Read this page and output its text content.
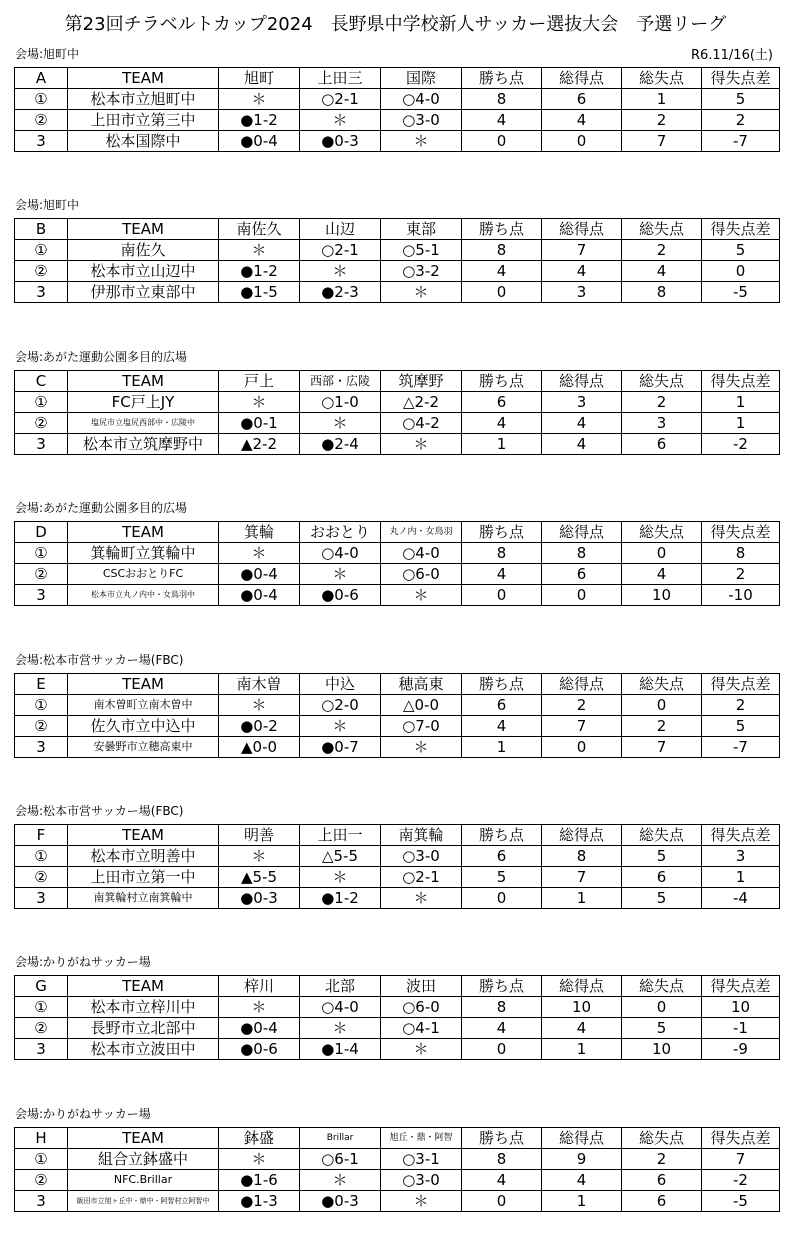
第23回チラベルトカップ2024　長野県中学校新人サッカー選抜大会　予選リーグ
R6.11/16(土)
会場:旭町中
A	TEAM	旭町	上田三	国際	勝ち点	総得点	総失点	得失点差
①	松本市立旭町中	＊	○2-1	○4-0	8	6	1	5
②	上田市立第三中	●1-2	＊	○3-0	4	4	2	2
3	松本国際中	●0-4	●0-3	＊	0	0	7	-7
会場:旭町中
B	TEAM	南佐久	山辺	東部	勝ち点	総得点	総失点	得失点差
①	南佐久	＊	○2-1	○5-1	8	7	2	5
②	松本市立山辺中	●1-2	＊	○3-2	4	4	4	0
3	伊那市立東部中	●1-5	●2-3	＊	0	3	8	-5
会場:あがた運動公園多目的広場
C	TEAM	戸上	西部・広陵	筑摩野	勝ち点	総得点	総失点	得失点差
①	FC戸上JY	＊	○1-0	△2-2	6	3	2	1
②	塩尻市立塩尻西部中・広陵中	●0-1	＊	○4-2	4	4	3	1
3	松本市立筑摩野中	▲2-2	●2-4	＊	1	4	6	-2
会場:あがた運動公園多目的広場
D	TEAM	箕輪	おおとり	丸ノ内・女鳥羽	勝ち点	総得点	総失点	得失点差
①	箕輪町立箕輪中	＊	○4-0	○4-0	8	8	0	8
②	CSCおおとりFC	●0-4	＊	○6-0	4	6	4	2
3	松本市立丸ノ内中・女鳥羽中	●0-4	●0-6	＊	0	0	10	-10
会場:松本市営サッカー場(FBC)
E	TEAM	南木曽	中込	穂高東	勝ち点	総得点	総失点	得失点差
①	南木曽町立南木曽中	＊	○2-0	△0-0	6	2	0	2
②	佐久市立中込中	●0-2	＊	○7-0	4	7	2	5
3	安曇野市立穂高東中	▲0-0	●0-7	＊	1	0	7	-7
会場:松本市営サッカー場(FBC)
F	TEAM	明善	上田一	南箕輪	勝ち点	総得点	総失点	得失点差
①	松本市立明善中	＊	△5-5	○3-0	6	8	5	3
②	上田市立第一中	▲5-5	＊	○2-1	5	7	6	1
3	南箕輪村立南箕輪中	●0-3	●1-2	＊	0	1	5	-4
会場:かりがねサッカー場
G	TEAM	梓川	北部	波田	勝ち点	総得点	総失点	得失点差
①	松本市立梓川中	＊	○4-0	○6-0	8	10	0	10
②	長野市立北部中	●0-4	＊	○4-1	4	4	5	-1
3	松本市立波田中	●0-6	●1-4	＊	0	1	10	-9
会場:かりがねサッカー場
H	TEAM	鉢盛	Brillar	旭丘・鼎・阿智	勝ち点	総得点	総失点	得失点差
①	組合立鉢盛中	＊	○6-1	○3-1	8	9	2	7
②	NFC.Brillar	●1-6	＊	○3-0	4	4	6	-2
3	飯田市立旭ヶ丘中・鼎中・阿智村立阿智中	●1-3	●0-3	＊	0	1	6	-5
